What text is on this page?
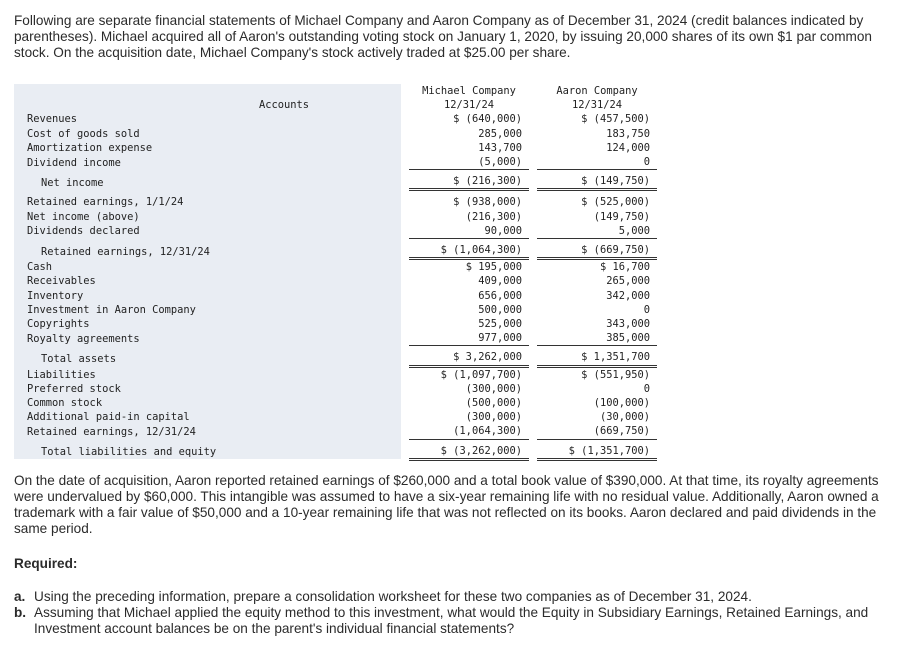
Following are separate financial statements of Michael Company and Aaron Company as of December 31, 2024 (credit balances indicated by parentheses). Michael acquired all of Aaron's outstanding voting stock on January 1, 2020, by issuing 20,000 shares of its own $1 par common stock. On the acquisition date, Michael Company's stock actively traded at $25.00 per share.

Accounts		Michael Company		Aaron Company
		12/31/24		12/31/24
Revenues		$ (640,000)		$ (457,500)
Cost of goods sold		285,000		183,750
Amortization expense		143,700		124,000
Dividend income		(5,000)		0

Net income		$ (216,300)		$ (149,750)

Retained earnings, 1/1/24		$ (938,000)		$ (525,000)
Net income (above)		(216,300)		(149,750)
Dividends declared		90,000		5,000

Retained earnings, 12/31/24		$ (1,064,300)		$ (669,750)
Cash		$ 195,000		$ 16,700
Receivables		409,000		265,000
Inventory		656,000		342,000
Investment in Aaron Company		500,000		0
Copyrights		525,000		343,000
Royalty agreements		977,000		385,000

Total assets		$ 3,262,000		$ 1,351,700
Liabilities		$ (1,097,700)		$ (551,950)
Preferred stock		(300,000)		0
Common stock		(500,000)		(100,000)
Additional paid-in capital		(300,000)		(30,000)
Retained earnings, 12/31/24		(1,064,300)		(669,750)

Total liabilities and equity		$ (3,262,000)		$ (1,351,700)

On the date of acquisition, Aaron reported retained earnings of $260,000 and a total book value of $390,000. At that time, its royalty agreements were undervalued by $60,000. This intangible was assumed to have a six-year remaining life with no residual value. Additionally, Aaron owned a trademark with a fair value of $50,000 and a 10-year remaining life that was not reflected on its books. Aaron declared and paid dividends in the same period.

Required:

a. Using the preceding information, prepare a consolidation worksheet for these two companies as of December 31, 2024.
b. Assuming that Michael applied the equity method to this investment, what would the Equity in Subsidiary Earnings, Retained Earnings, and Investment account balances be on the parent's individual financial statements?
